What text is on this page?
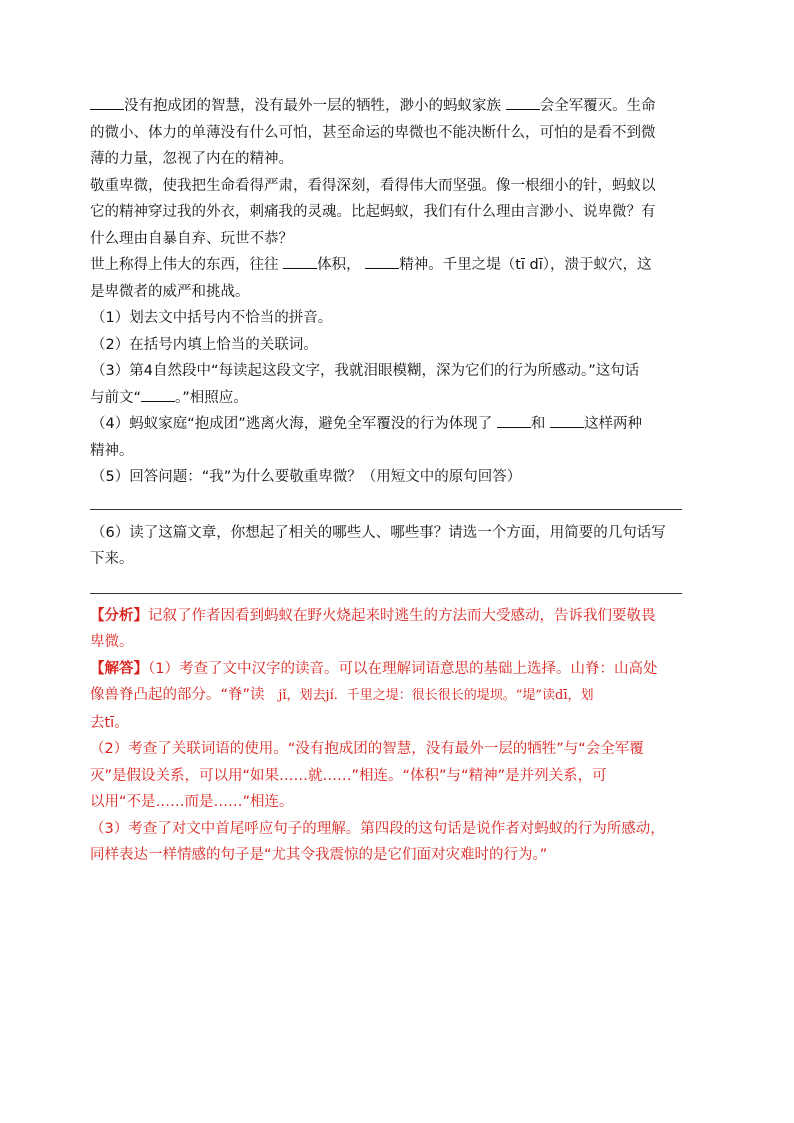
没有抱成团的智慧，没有最外一层的牺牲，渺小的蚂蚁家族	会全军覆灭。生命
的微小、体力的单薄没有什么可怕，甚至命运的卑微也不能决断什么，可怕的是看不到微
薄的力量，忽视了内在的精神。
敬重卑微，使我把生命看得严肃，看得深刻，看得伟大而坚强。像一根细小的针，蚂蚁以
它的精神穿过我的外衣，刺痛我的灵魂。比起蚂蚁，我们有什么理由言渺小、说卑微？有
什么理由自暴自弃、玩世不恭？
世上称得上伟大的东西，往往	体积，	精神。千里之堤（tī dī），溃于蚁穴，这
是卑微者的威严和挑战。
（1）划去文中括号内不恰当的拼音。
（2）在括号内填上恰当的关联词。
（3）第4自然段中“每读起这段文字，我就泪眼模糊，深为它们的行为所感动。”这句话
与前文“ 。”相照应。
（4）蚂蚁家庭“抱成团”逃离火海，避免全军覆没的行为体现了	和	这样两种
精神。
（5）回答问题：“我”为什么要敬重卑微？（用短文中的原句回答）
（6）读了这篇文章，你想起了相关的哪些人、哪些事？请选一个方面，用简要的几句话写
下来。
【分析】记叙了作者因看到蚂蚁在野火烧起来时逃生的方法而大受感动，告诉我们要敬畏
卑微。
【解答】（1）考查了文中汉字的读音。可以在理解词语意思的基础上选择。山脊：山高处
像兽脊凸起的部分。“脊”读 jǐ，划去jí．千里之堤：很长很长的堤坝。“堤”读dī，划
去tī。
（2）考查了关联词语的使用。“没有抱成团的智慧，没有最外一层的牺牲”与“会全军覆
灭”是假设关系，可以用“如果……就……”相连。“体积”与“精神”是并列关系，可
以用“不是……而是……”相连。
（3）考查了对文中首尾呼应句子的理解。第四段的这句话是说作者对蚂蚁的行为所感动，
同样表达一样情感的句子是“尤其令我震惊的是它们面对灾难时的行为。”
